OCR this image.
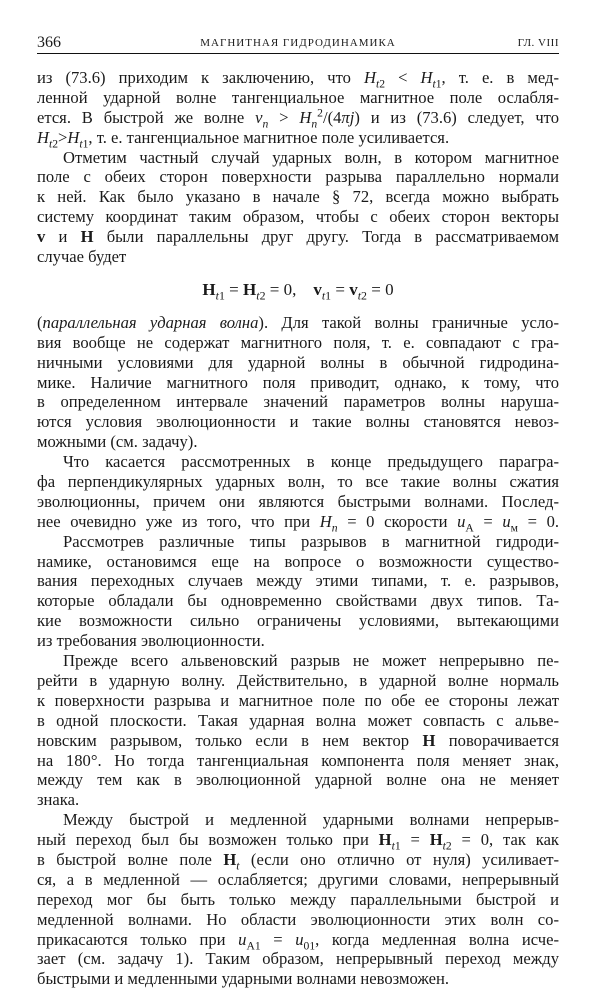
366	МАГНИТНАЯ ГИДРОДИНАМИКА	ГЛ. VIII
из (73.6) приходим к заключению, что $H_{t2} < H_{t1}$, т. е. в мед-
ленной ударной волне тангенциальное магнитное поле ослабля-
ется. В быстрой же волне $v_n > H_n^2/(4\pi j)$ и из (73.6) следует, что
$H_{t2}>H_{t1}$, т. е. тангенциальное магнитное поле усиливается.
Отметим частный случай ударных волн, в котором магнитное
поле с обеих сторон поверхности разрыва параллельно нормали
к ней. Как было указано в начале § 72, всегда можно выбрать
систему координат таким образом, чтобы с обеих сторон векторы
v и H были параллельны друг другу. Тогда в рассматриваемом
случае будет
$H_{t1} = H_{t2} = 0$,    $v_{t1} = v_{t2} = 0$
(параллельная ударная волна). Для такой волны граничные усло-
вия вообще не содержат магнитного поля, т. е. совпадают с гра-
ничными условиями для ударной волны в обычной гидродина-
мике. Наличие магнитного поля приводит, однако, к тому, что
в определенном интервале значений параметров волны наруша-
ются условия эволюционности и такие волны становятся невоз-
можными (см. задачу).
Что касается рассмотренных в конце предыдущего парагра-
фа перпендикулярных ударных волн, то все такие волны сжатия
эволюционны, причем они являются быстрыми волнами. Послед-
нее очевидно уже из того, что при $H_n = 0$ скорости $u_A = u_м = 0$.
Рассмотрев различные типы разрывов в магнитной гидроди-
намике, остановимся еще на вопросе о возможности существо-
вания переходных случаев между этими типами, т. е. разрывов,
которые обладали бы одновременно свойствами двух типов. Та-
кие возможности сильно ограничены условиями, вытекающими
из требования эволюционности.
Прежде всего альвеновский разрыв не может непрерывно пе-
рейти в ударную волну. Действительно, в ударной волне нормаль
к поверхности разрыва и магнитное поле по обе ее стороны лежат
в одной плоскости. Такая ударная волна может совпасть с альве-
новским разрывом, только если в нем вектор H поворачивается
на 180°. Но тогда тангенциальная компонента поля меняет знак,
между тем как в эволюционной ударной волне она не меняет
знака.
Между быстрой и медленной ударными волнами непрерыв-
ный переход был бы возможен только при $H_{t1} = H_{t2} = 0$, так как
в быстрой волне поле $H_t$ (если оно отлично от нуля) усиливает-
ся, а в медленной — ослабляется; другими словами, непрерывный
переход мог бы быть только между параллельными быстрой и
медленной волнами. Но области эволюционности этих волн со-
прикасаются только при $u_{A1} = u_{01}$, когда медленная волна исче-
зает (см. задачу 1). Таким образом, непрерывный переход между
быстрыми и медленными ударными волнами невозможен.
